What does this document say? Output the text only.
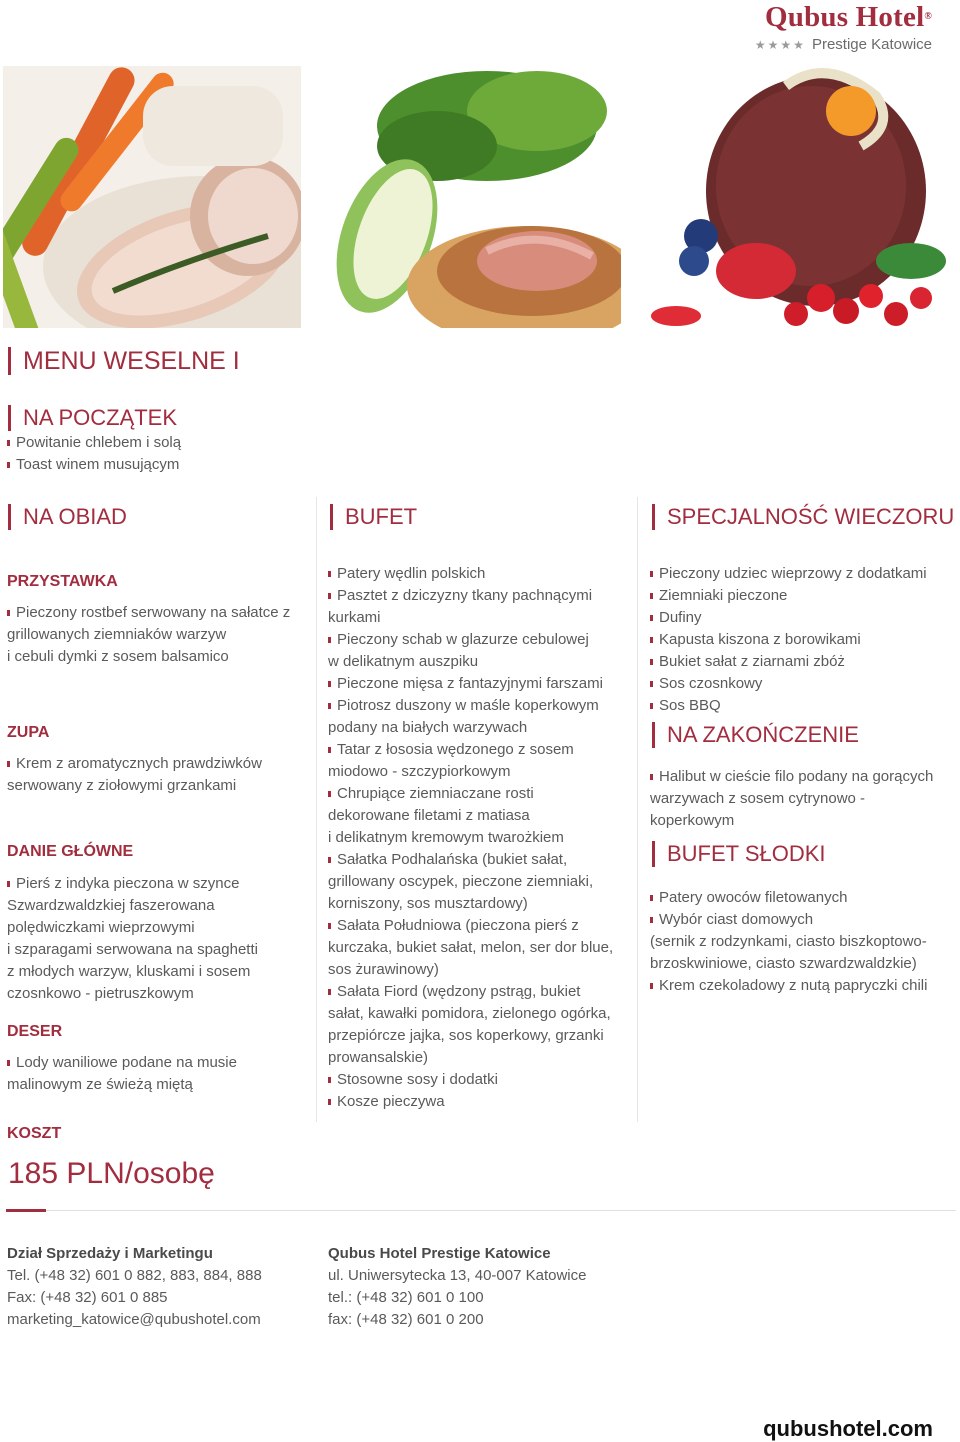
Qubus Hotel®
★★★★ Prestige Katowice
MENU WESELNE I
NA POCZĄTEK
Powitanie chlebem i solą
Toast winem musującym
NA OBIAD
PRZYSTAWKA
Pieczony rostbef serwowany na sałatce z
grillowanych ziemniaków warzyw
i cebuli dymki z sosem balsamico
ZUPA
Krem z aromatycznych prawdziwków
serwowany z ziołowymi grzankami
DANIE GŁÓWNE
Pierś z indyka pieczona w szynce
Szwardzwaldzkiej faszerowana
polędwiczkami wieprzowymi
i szparagami serwowana na spaghetti
z młodych warzyw, kluskami i sosem
czosnkowo - pietruszkowym
DESER
Lody waniliowe podane na musie
malinowym ze świeżą miętą
KOSZT
185 PLN/osobę
BUFET
Patery wędlin polskich
Pasztet z dziczyzny tkany pachnącymi
kurkami
Pieczony schab w glazurze cebulowej
w delikatnym auszpiku
Pieczone mięsa z fantazyjnymi farszami
Piotrosz duszony w maśle koperkowym
podany na białych warzywach
Tatar z łososia wędzonego z sosem
miodowo - szczypiorkowym
Chrupiące ziemniaczane rosti
dekorowane filetami z matiasa
i delikatnym kremowym twarożkiem
Sałatka Podhalańska (bukiet sałat,
grillowany oscypek, pieczone ziemniaki,
korniszony, sos musztardowy)
Sałata Południowa (pieczona pierś z
kurczaka, bukiet sałat, melon, ser dor blue,
sos żurawinowy)
Sałata Fiord (wędzony pstrąg, bukiet
sałat, kawałki pomidora, zielonego ogórka,
przepiórcze jajka, sos koperkowy, grzanki
prowansalskie)
Stosowne sosy i dodatki
Kosze pieczywa
SPECJALNOŚĆ WIECZORU
Pieczony udziec wieprzowy z dodatkami
Ziemniaki pieczone
Dufiny
Kapusta kiszona z borowikami
Bukiet sałat z ziarnami zbóż
Sos czosnkowy
Sos BBQ
NA ZAKOŃCZENIE
Halibut w cieście filo podany na gorących
warzywach z sosem cytrynowo -
koperkowym
BUFET SŁODKI
Patery owoców filetowanych
Wybór ciast domowych
(sernik z rodzynkami, ciasto biszkoptowo-
brzoskwiniowe, ciasto szwardzwaldzkie)
Krem czekoladowy z nutą papryczki chili
Dział Sprzedaży i Marketingu
Tel. (+48 32) 601 0 882, 883, 884, 888
Fax: (+48 32) 601 0 885
marketing_katowice@qubushotel.com
Qubus Hotel Prestige Katowice
ul. Uniwersytecka 13, 40-007 Katowice
tel.: (+48 32) 601 0 100
fax: (+48 32) 601 0 200
qubushotel.com
